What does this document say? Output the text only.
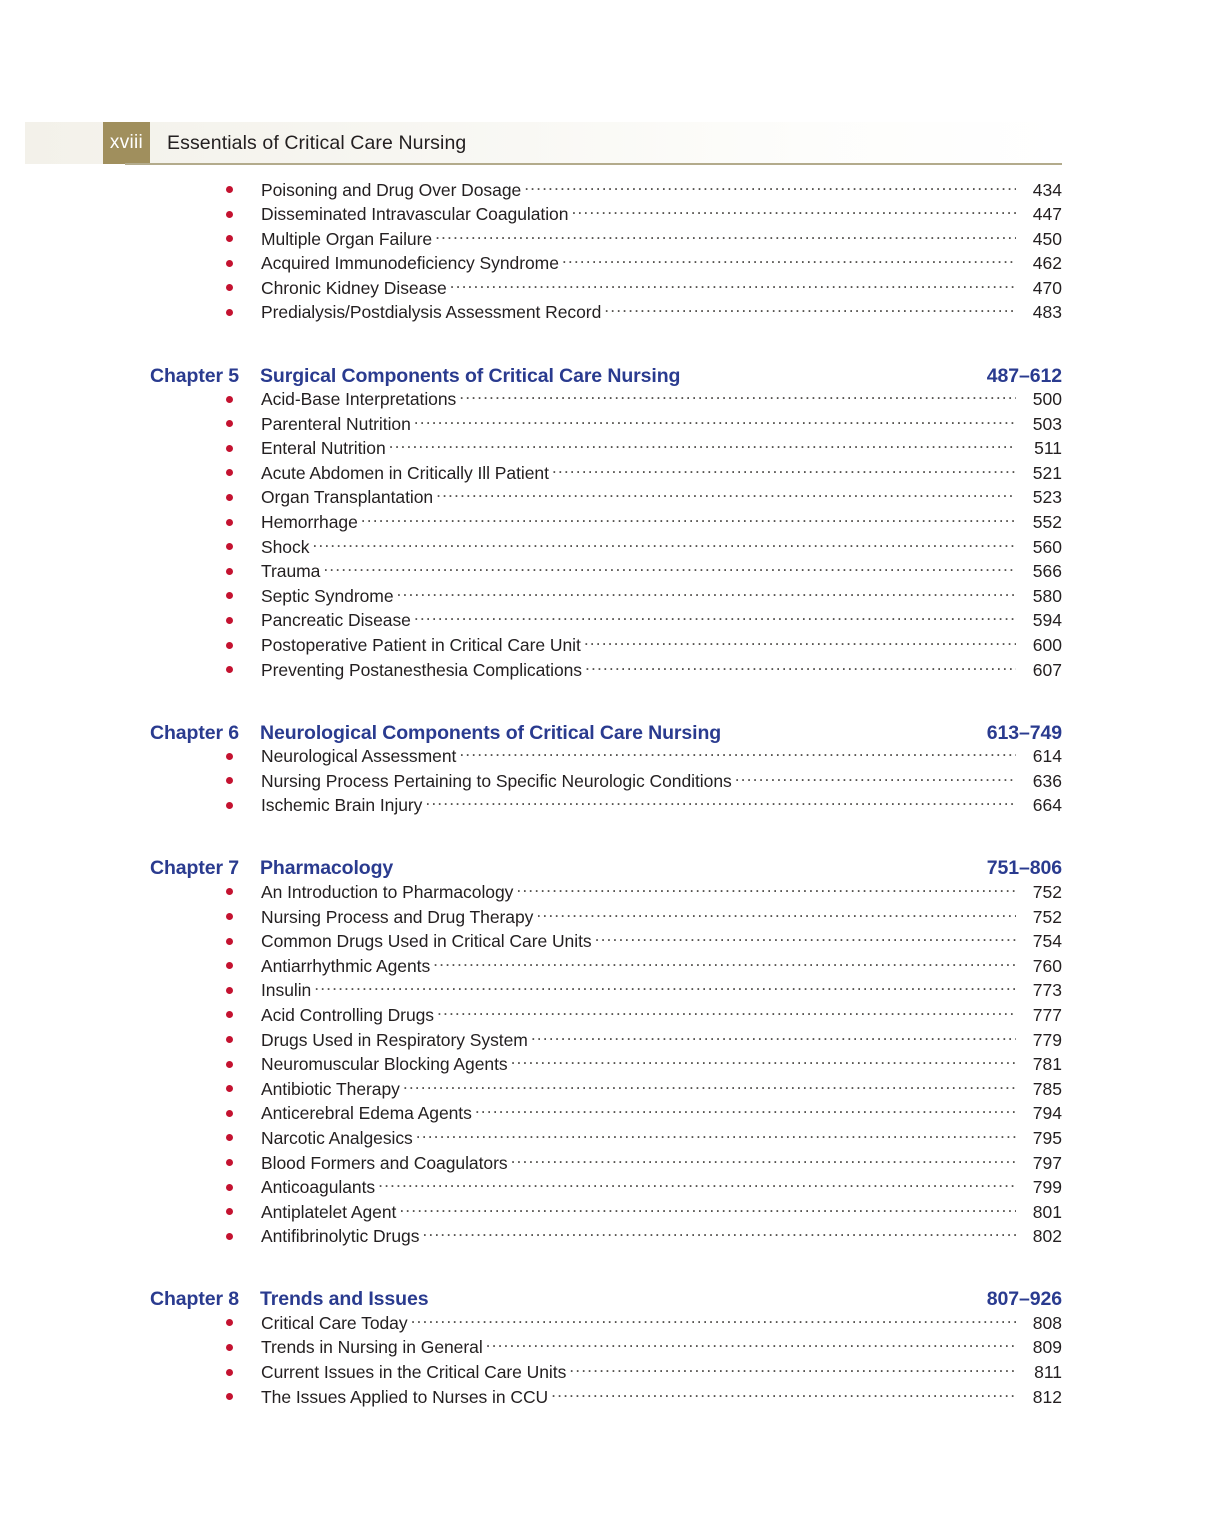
xviii Essentials of Critical Care Nursing
Poisoning and Drug Over Dosage .....	434
Disseminated Intravascular Coagulation .....	447
Multiple Organ Failure .....	450
Acquired Immunodeficiency Syndrome .....	462
Chronic Kidney Disease .....	470
Predialysis/Postdialysis Assessment Record .....	483
Chapter 5	Surgical Components of Critical Care Nursing	487–612
Acid-Base Interpretations .....	500
Parenteral Nutrition .....	503
Enteral Nutrition .....	511
Acute Abdomen in Critically Ill Patient .....	521
Organ Transplantation .....	523
Hemorrhage .....	552
Shock .....	560
Trauma .....	566
Septic Syndrome .....	580
Pancreatic Disease .....	594
Postoperative Patient in Critical Care Unit .....	600
Preventing Postanesthesia Complications .....	607
Chapter 6	Neurological Components of Critical Care Nursing	613–749
Neurological Assessment .....	614
Nursing Process Pertaining to Specific Neurologic Conditions .....	636
Ischemic Brain Injury .....	664
Chapter 7	Pharmacology	751–806
An Introduction to Pharmacology .....	752
Nursing Process and Drug Therapy .....	752
Common Drugs Used in Critical Care Units .....	754
Antiarrhythmic Agents .....	760
Insulin .....	773
Acid Controlling Drugs .....	777
Drugs Used in Respiratory System .....	779
Neuromuscular Blocking Agents .....	781
Antibiotic Therapy .....	785
Anticerebral Edema Agents .....	794
Narcotic Analgesics .....	795
Blood Formers and Coagulators .....	797
Anticoagulants .....	799
Antiplatelet Agent .....	801
Antifibrinolytic Drugs .....	802
Chapter 8	Trends and Issues	807–926
Critical Care Today .....	808
Trends in Nursing in General .....	809
Current Issues in the Critical Care Units .....	811
The Issues Applied to Nurses in CCU .....	812
